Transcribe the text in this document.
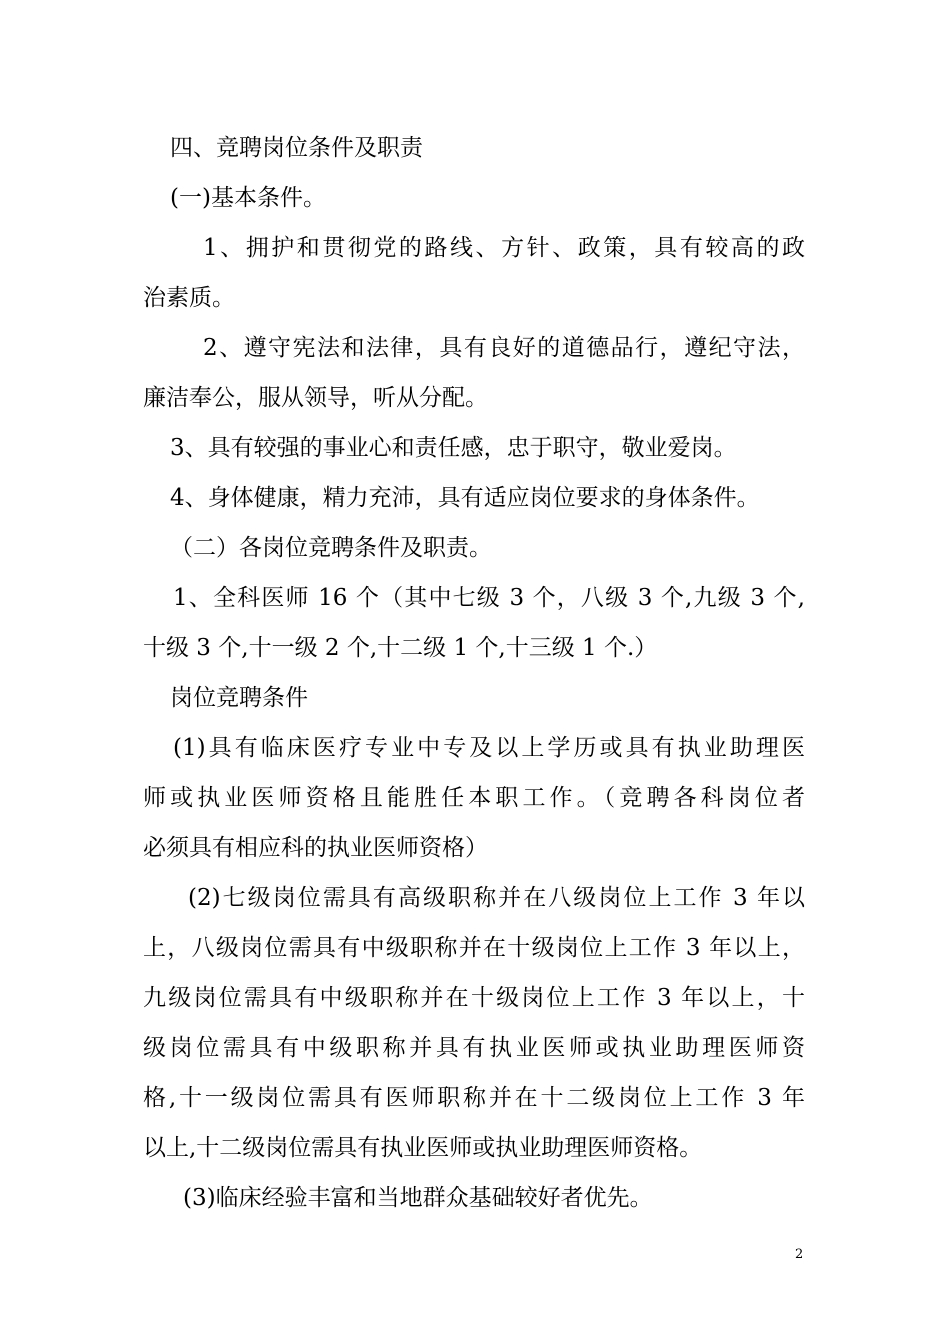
四、竞聘岗位条件及职责
(一)基本条件。
1、拥护和贯彻党的路线、方针、政策，具有较高的政
治素质。
2、遵守宪法和法律，具有良好的道德品行，遵纪守法，
廉洁奉公，服从领导，听从分配。
3、具有较强的事业心和责任感，忠于职守，敬业爱岗。
4、身体健康，精力充沛，具有适应岗位要求的身体条件。
（二）各岗位竞聘条件及职责。
1、全科医师 16 个（其中七级 3 个，八级 3 个,九级 3 个,
十级 3 个,十一级 2 个,十二级 1 个,十三级 1 个.）
岗位竞聘条件
(1)具有临床医疗专业中专及以上学历或具有执业助理医
师或执业医师资格且能胜任本职工作。（竞聘各科岗位者
必须具有相应科的执业医师资格）
(2)七级岗位需具有高级职称并在八级岗位上工作 3 年以
上，八级岗位需具有中级职称并在十级岗位上工作 3 年以上，
九级岗位需具有中级职称并在十级岗位上工作 3 年以上，十
级岗位需具有中级职称并具有执业医师或执业助理医师资
格,十一级岗位需具有医师职称并在十二级岗位上工作 3 年
以上,十二级岗位需具有执业医师或执业助理医师资格。
(3)临床经验丰富和当地群众基础较好者优先。
2
